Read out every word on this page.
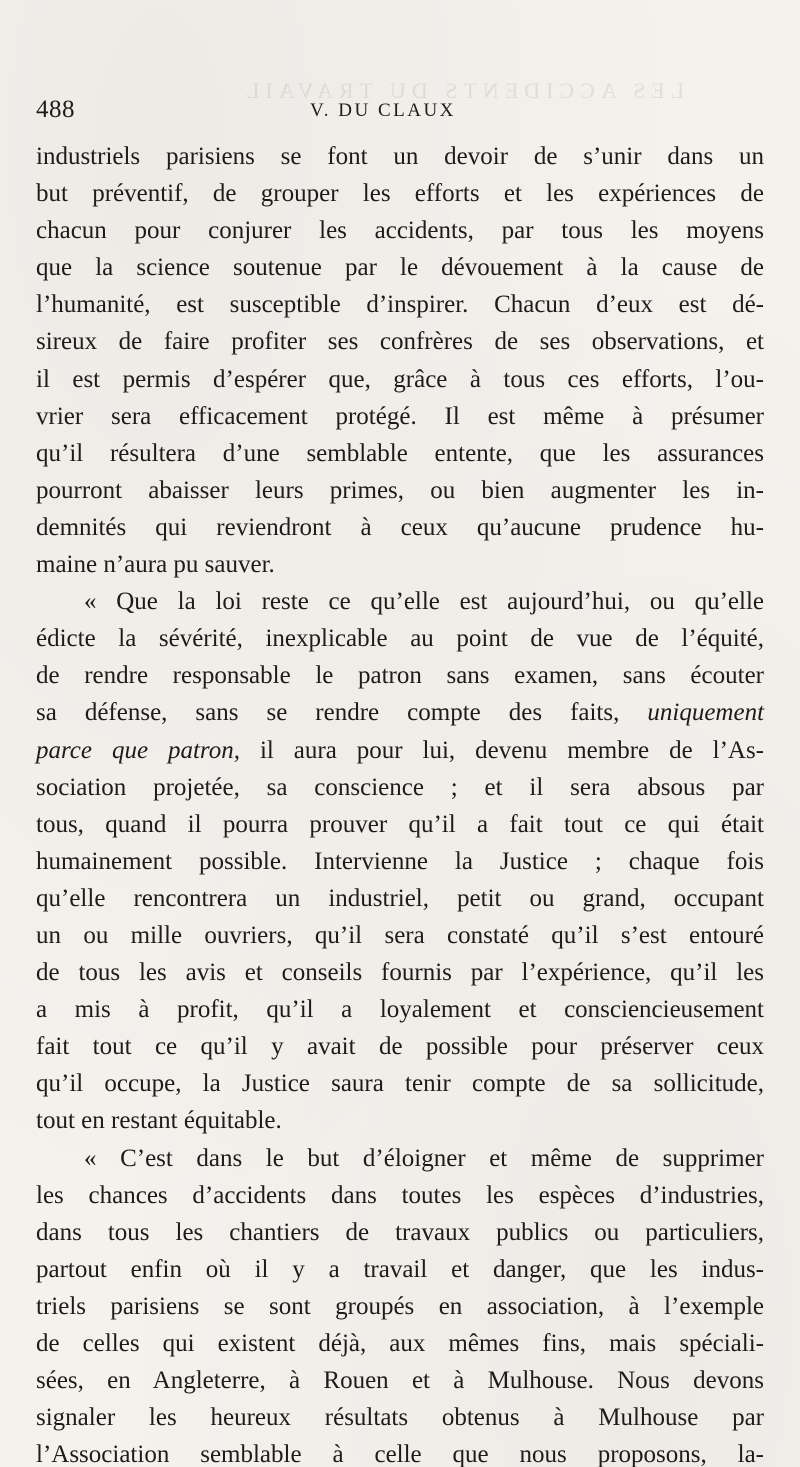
LES ACCIDENTS DU TRAVAIL
488	V. DU CLAUX
industriels parisiens se font un devoir de s’unir dans un
but préventif, de grouper les efforts et les expériences de
chacun pour conjurer les accidents, par tous les moyens
que la science soutenue par le dévouement à la cause de
l’humanité, est susceptible d’inspirer. Chacun d’eux est dé-
sireux de faire profiter ses confrères de ses observations, et
il est permis d’espérer que, grâce à tous ces efforts, l’ou-
vrier sera efficacement protégé. Il est même à présumer
qu’il résultera d’une semblable entente, que les assurances
pourront abaisser leurs primes, ou bien augmenter les in-
demnités qui reviendront à ceux qu’aucune prudence hu-
maine n’aura pu sauver.
« Que la loi reste ce qu’elle est aujourd’hui, ou qu’elle
édicte la sévérité, inexplicable au point de vue de l’équité,
de rendre responsable le patron sans examen, sans écouter
sa défense, sans se rendre compte des faits, uniquement
parce que patron, il aura pour lui, devenu membre de l’As-
sociation projetée, sa conscience ; et il sera absous par
tous, quand il pourra prouver qu’il a fait tout ce qui était
humainement possible. Intervienne la Justice ; chaque fois
qu’elle rencontrera un industriel, petit ou grand, occupant
un ou mille ouvriers, qu’il sera constaté qu’il s’est entouré
de tous les avis et conseils fournis par l’expérience, qu’il les
a mis à profit, qu’il a loyalement et consciencieusement
fait tout ce qu’il y avait de possible pour préserver ceux
qu’il occupe, la Justice saura tenir compte de sa sollicitude,
tout en restant équitable.
« C’est dans le but d’éloigner et même de supprimer
les chances d’accidents dans toutes les espèces d’industries,
dans tous les chantiers de travaux publics ou particuliers,
partout enfin où il y a travail et danger, que les indus-
triels parisiens se sont groupés en association, à l’exemple
de celles qui existent déjà, aux mêmes fins, mais spéciali-
sées, en Angleterre, à Rouen et à Mulhouse. Nous devons
signaler les heureux résultats obtenus à Mulhouse par
l’Association semblable à celle que nous proposons, la-
